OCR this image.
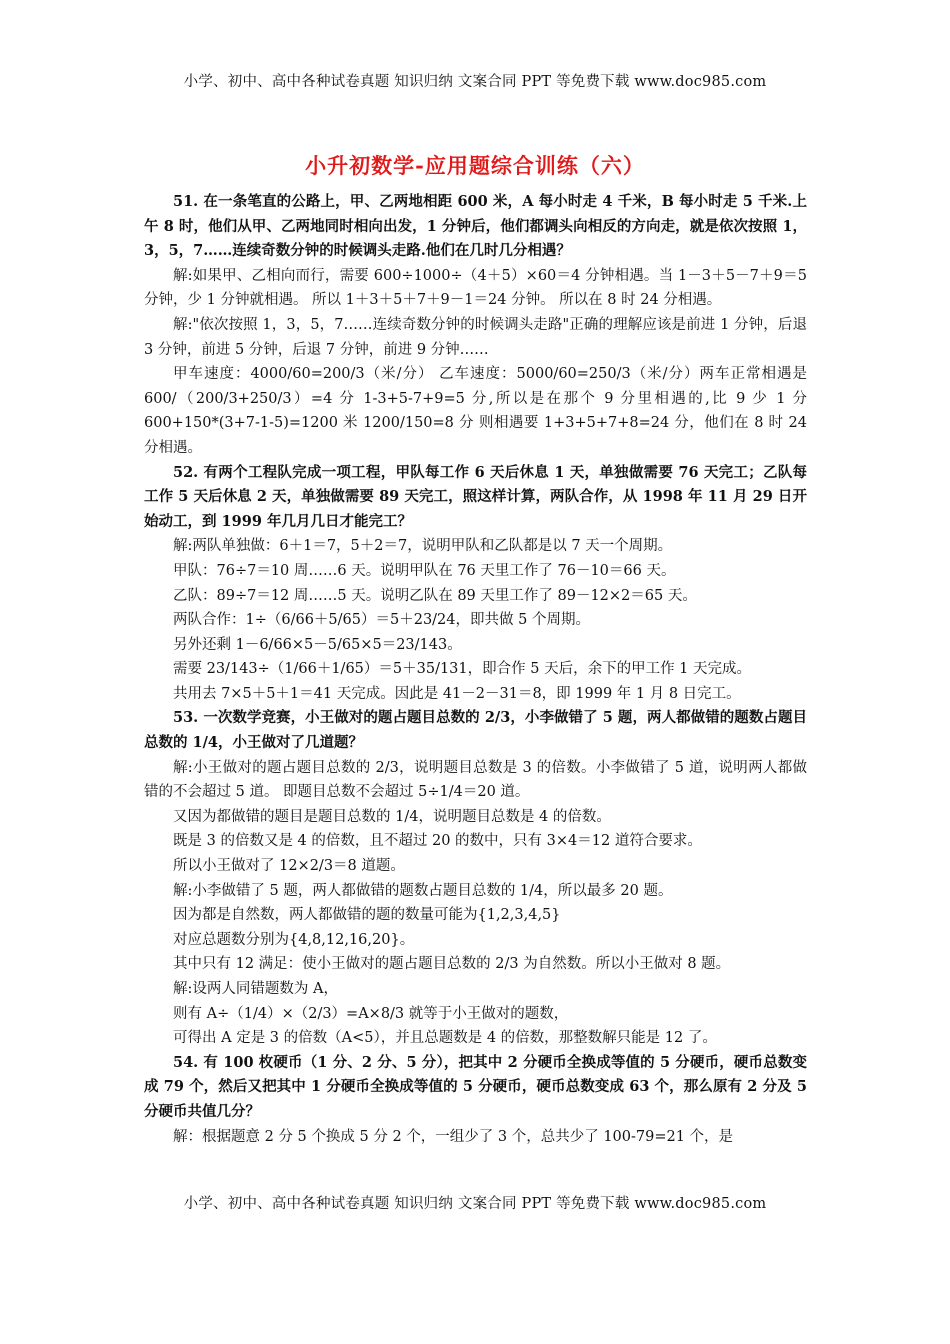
小学、初中、高中各种试卷真题 知识归纳 文案合同 PPT 等免费下载 www.doc985.com
小升初数学-应用题综合训练（六）

51. 在一条笔直的公路上，甲、乙两地相距 600 米，A 每小时走 4 千米，B 每小时走 5 千米.上午 8 时，他们从甲、乙两地同时相向出发，1 分钟后，他们都调头向相反的方向走，就是依次按照 1，3，5，7……连续奇数分钟的时候调头走路.他们在几时几分相遇？

解:如果甲、乙相向而行，需要 600÷1000÷（4＋5）×60＝4 分钟相遇。当 1－3＋5－7＋9＝5 分钟，少 1 分钟就相遇。 所以 1＋3＋5＋7＋9－1＝24 分钟。 所以在 8 时 24 分相遇。

解:"依次按照 1，3，5，7……连续奇数分钟的时候调头走路"正确的理解应该是前进 1 分钟，后退 3 分钟，前进 5 分钟，后退 7 分钟，前进 9 分钟……

甲车速度：4000/60=200/3（米/分） 乙车速度：5000/60=250/3（米/分）两车正常相遇是 600/（200/3+250/3）=4 分 1-3+5-7+9=5 分,所以是在那个 9 分里相遇的,比 9 少 1 分 600+150*(3+7-1-5)=1200 米 1200/150=8 分 则相遇要 1+3+5+7+8=24 分，他们在 8 时 24 分相遇。

52. 有两个工程队完成一项工程，甲队每工作 6 天后休息 1 天，单独做需要 76 天完工；乙队每工作 5 天后休息 2 天，单独做需要 89 天完工，照这样计算，两队合作，从 1998 年 11 月 29 日开始动工，到 1999 年几月几日才能完工？

解:两队单独做：6＋1＝7，5＋2＝7，说明甲队和乙队都是以 7 天一个周期。

甲队：76÷7＝10 周……6 天。说明甲队在 76 天里工作了 76－10＝66 天。

乙队：89÷7＝12 周……5 天。说明乙队在 89 天里工作了 89－12×2＝65 天。

两队合作：1÷（6/66＋5/65）＝5＋23/24，即共做 5 个周期。

另外还剩 1－6/66×5－5/65×5＝23/143。

需要 23/143÷（1/66＋1/65）＝5＋35/131，即合作 5 天后，余下的甲工作 1 天完成。

共用去 7×5＋5＋1＝41 天完成。因此是 41－2－31＝8，即 1999 年 1 月 8 日完工。

53. 一次数学竞赛，小王做对的题占题目总数的 2/3，小李做错了 5 题，两人都做错的题数占题目总数的 1/4，小王做对了几道题？

解:小王做对的题占题目总数的 2/3，说明题目总数是 3 的倍数。小李做错了 5 道，说明两人都做错的不会超过 5 道。 即题目总数不会超过 5÷1/4＝20 道。

又因为都做错的题目是题目总数的 1/4，说明题目总数是 4 的倍数。

既是 3 的倍数又是 4 的倍数，且不超过 20 的数中，只有 3×4＝12 道符合要求。

所以小王做对了 12×2/3＝8 道题。

解:小李做错了 5 题，两人都做错的题数占题目总数的 1/4，所以最多 20 题。

因为都是自然数，两人都做错的题的数量可能为{1,2,3,4,5}

对应总题数分别为{4,8,12,16,20}。

其中只有 12 满足：使小王做对的题占题目总数的 2/3 为自然数。所以小王做对 8 题。

解:设两人同错题数为 A，

则有 A÷（1/4）×（2/3）=A×8/3 就等于小王做对的题数，

可得出 A 定是 3 的倍数（A<5），并且总题数是 4 的倍数，那整数解只能是 12 了。

54. 有 100 枚硬币（1 分、2 分、5 分），把其中 2 分硬币全换成等值的 5 分硬币，硬币总数变成 79 个，然后又把其中 1 分硬币全换成等值的 5 分硬币，硬币总数变成 63 个，那么原有 2 分及 5 分硬币共值几分？

解：根据题意 2 分 5 个换成 5 分 2 个，一组少了 3 个，总共少了 100-79=21 个，是

小学、初中、高中各种试卷真题 知识归纳 文案合同 PPT 等免费下载 www.doc985.com
